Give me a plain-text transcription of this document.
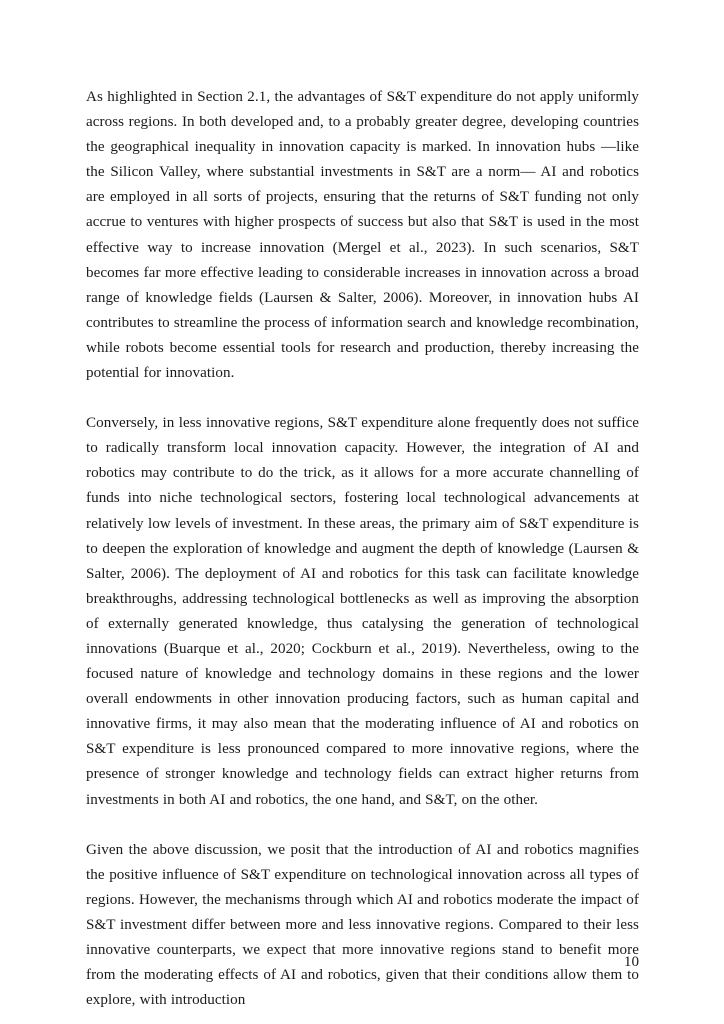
As highlighted in Section 2.1, the advantages of S&T expenditure do not apply uniformly across regions. In both developed and, to a probably greater degree, developing countries the geographical inequality in innovation capacity is marked. In innovation hubs —like the Silicon Valley, where substantial investments in S&T are a norm— AI and robotics are employed in all sorts of projects, ensuring that the returns of S&T funding not only accrue to ventures with higher prospects of success but also that S&T is used in the most effective way to increase innovation (Mergel et al., 2023). In such scenarios, S&T becomes far more effective leading to considerable increases in innovation across a broad range of knowledge fields (Laursen & Salter, 2006). Moreover, in innovation hubs AI contributes to streamline the process of information search and knowledge recombination, while robots become essential tools for research and production, thereby increasing the potential for innovation.

Conversely, in less innovative regions, S&T expenditure alone frequently does not suffice to radically transform local innovation capacity. However, the integration of AI and robotics may contribute to do the trick, as it allows for a more accurate channelling of funds into niche technological sectors, fostering local technological advancements at relatively low levels of investment. In these areas, the primary aim of S&T expenditure is to deepen the exploration of knowledge and augment the depth of knowledge (Laursen & Salter, 2006). The deployment of AI and robotics for this task can facilitate knowledge breakthroughs, addressing technological bottlenecks as well as improving the absorption of externally generated knowledge, thus catalysing the generation of technological innovations (Buarque et al., 2020; Cockburn et al., 2019). Nevertheless, owing to the focused nature of knowledge and technology domains in these regions and the lower overall endowments in other innovation producing factors, such as human capital and innovative firms, it may also mean that the moderating influence of AI and robotics on S&T expenditure is less pronounced compared to more innovative regions, where the presence of stronger knowledge and technology fields can extract higher returns from investments in both AI and robotics, the one hand, and S&T, on the other.

Given the above discussion, we posit that the introduction of AI and robotics magnifies the positive influence of S&T expenditure on technological innovation across all types of regions. However, the mechanisms through which AI and robotics moderate the impact of S&T investment differ between more and less innovative regions. Compared to their less innovative counterparts, we expect that more innovative regions stand to benefit more from the moderating effects of AI and robotics, given that their conditions allow them to explore, with introduction

10
